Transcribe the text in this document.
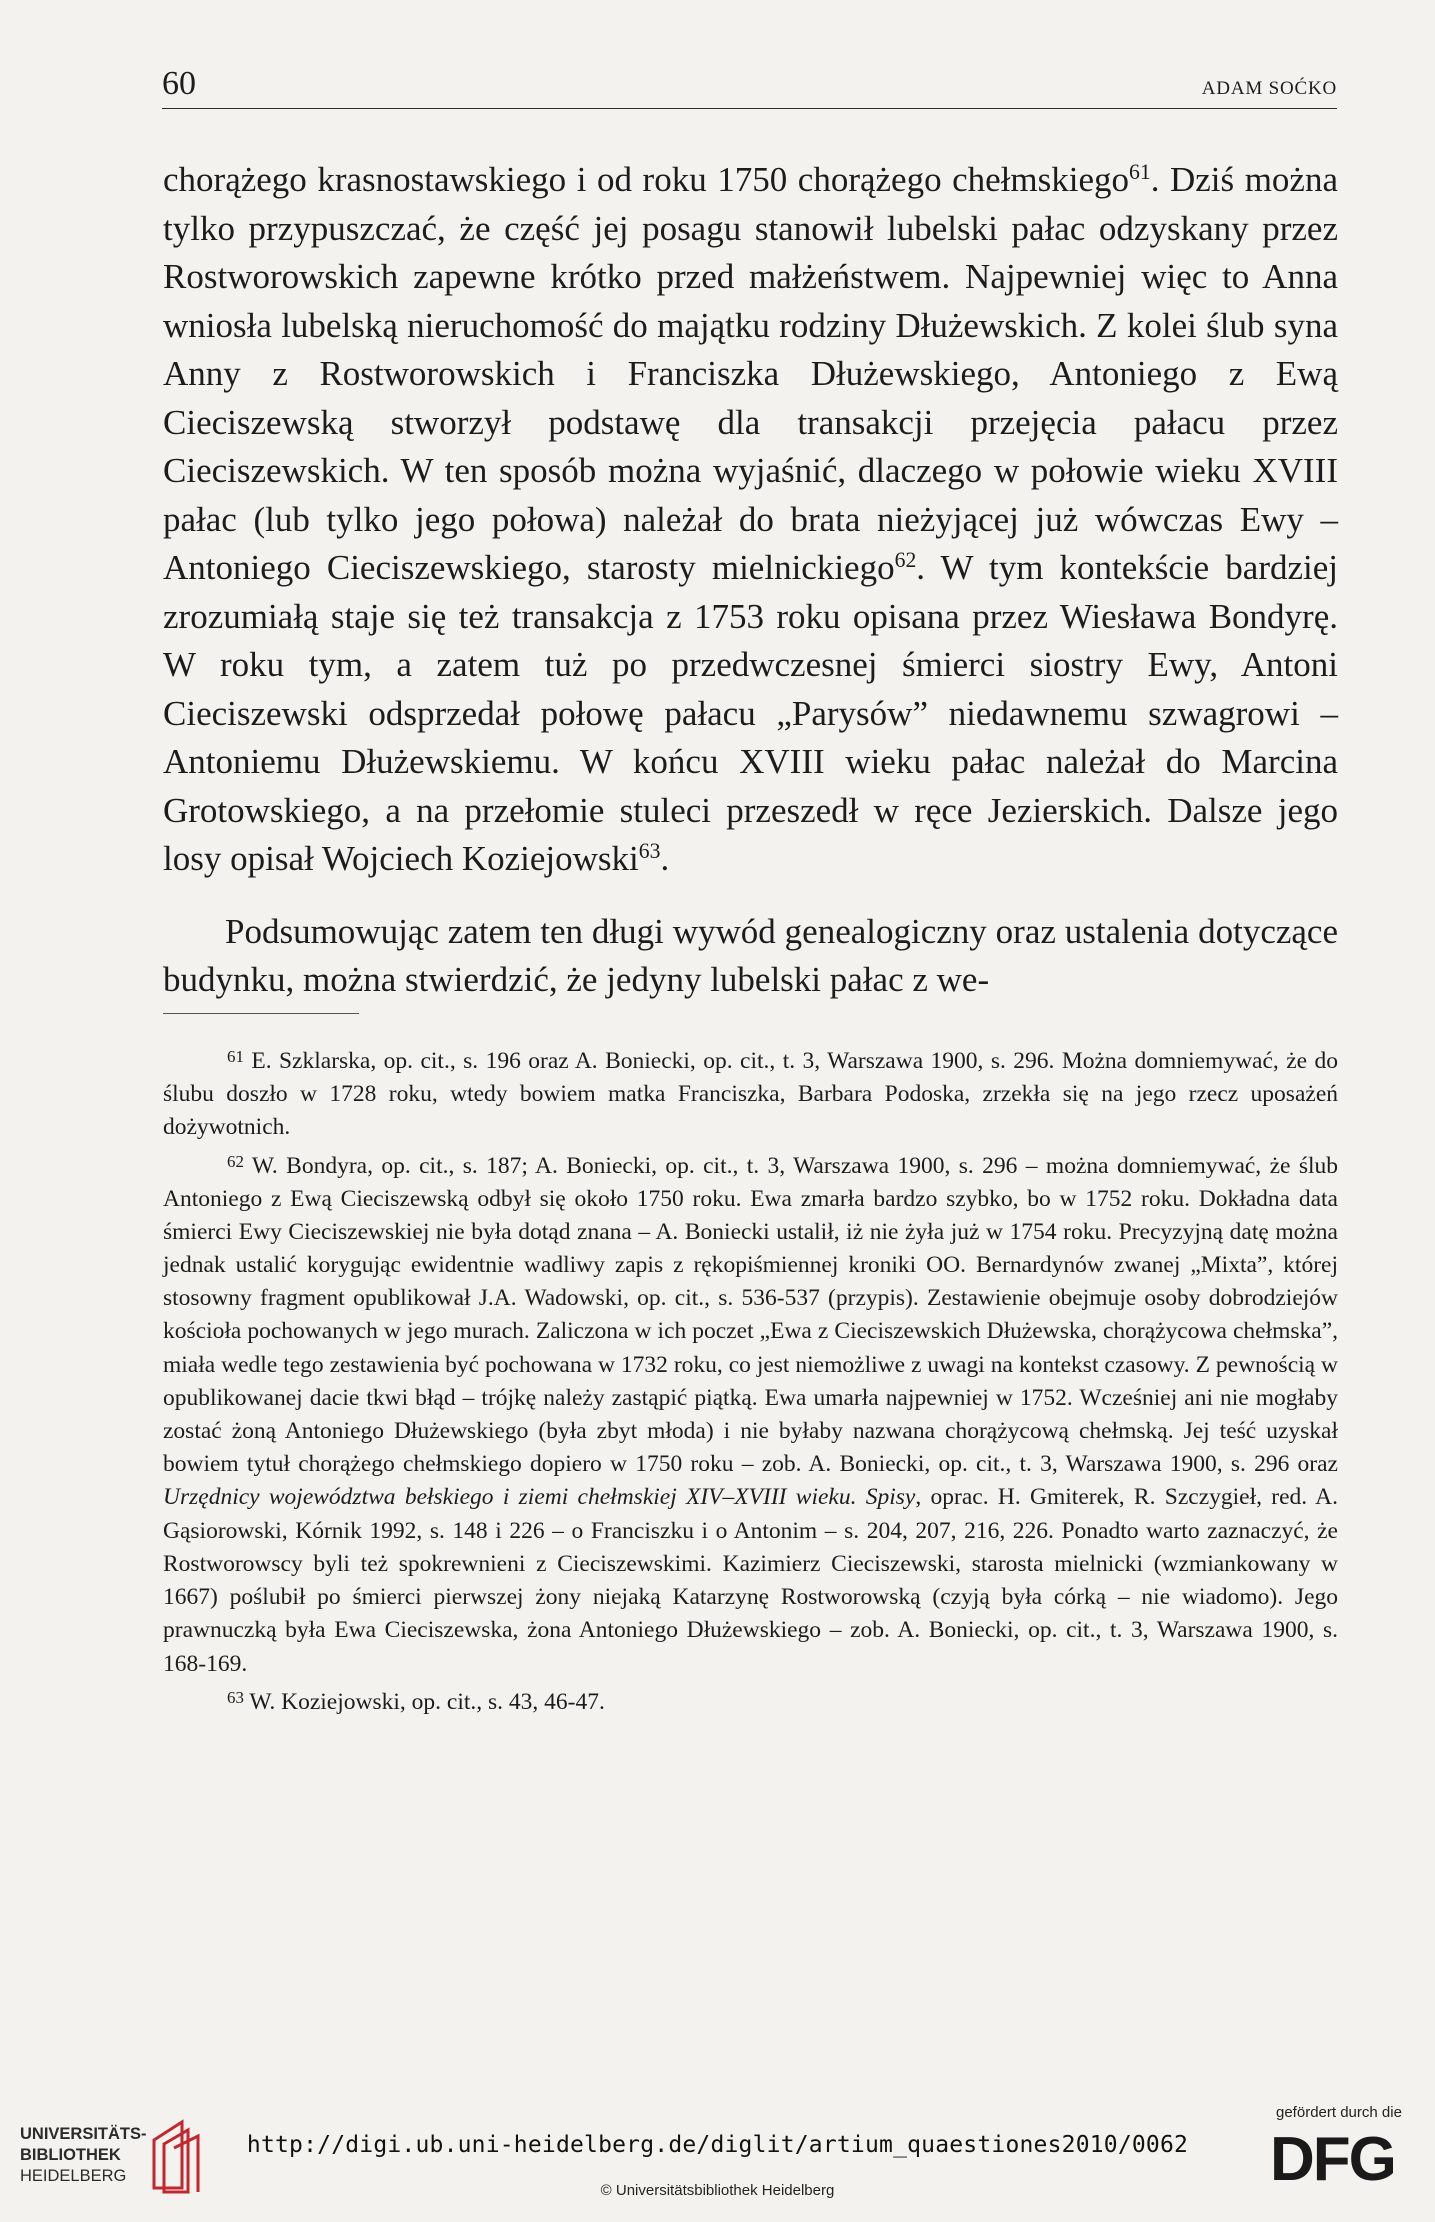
60	ADAM SOĆKO

chorążego krasnostawskiego i od roku 1750 chorążego chełmskiego$^{61}$. Dziś można tylko przypuszczać, że część jej posagu stanowił lubelski pałac odzyskany przez Rostworowskich zapewne krótko przed małżeństwem. Najpewniej więc to Anna wniosła lubelską nieruchomość do majątku rodziny Dłużewskich. Z kolei ślub syna Anny z Rostworowskich i Franciszka Dłużewskiego, Antoniego z Ewą Cieciszewską stworzył podstawę dla transakcji przejęcia pałacu przez Cieciszewskich. W ten sposób można wyjaśnić, dlaczego w połowie wieku XVIII pałac (lub tylko jego połowa) należał do brata nieżyjącej już wówczas Ewy – Antoniego Cieciszewskiego, starosty mielnickiego$^{62}$. W tym kontekście bardziej zrozumiałą staje się też transakcja z 1753 roku opisana przez Wiesława Bondyrę. W roku tym, a zatem tuż po przedwczesnej śmierci siostry Ewy, Antoni Cieciszewski odsprzedał połowę pałacu „Parysów” niedawnemu szwagrowi – Antoniemu Dłużewskiemu. W końcu XVIII wieku pałac należał do Marcina Grotowskiego, a na przełomie stuleci przeszedł w ręce Jezierskich. Dalsze jego losy opisał Wojciech Koziejowski$^{63}$.

Podsumowując zatem ten długi wywód genealogiczny oraz ustalenia dotyczące budynku, można stwierdzić, że jedyny lubelski pałac z we-

$^{61}$ E. Szklarska, op. cit., s. 196 oraz A. Boniecki, op. cit., t. 3, Warszawa 1900, s. 296. Można domniemywać, że do ślubu doszło w 1728 roku, wtedy bowiem matka Franciszka, Barbara Podoska, zrzekła się na jego rzecz uposażeń dożywotnich.

$^{62}$ W. Bondyra, op. cit., s. 187; A. Boniecki, op. cit., t. 3, Warszawa 1900, s. 296 – można domniemywać, że ślub Antoniego z Ewą Cieciszewską odbył się około 1750 roku. Ewa zmarła bardzo szybko, bo w 1752 roku. Dokładna data śmierci Ewy Cieciszewskiej nie była dotąd znana – A. Boniecki ustalił, iż nie żyła już w 1754 roku. Precyzyjną datę można jednak ustalić korygując ewidentnie wadliwy zapis z rękopiśmiennej kroniki OO. Bernardynów zwanej „Mixta”, której stosowny fragment opublikował J.A. Wadowski, op. cit., s. 536-537 (przypis). Zestawienie obejmuje osoby dobrodziejów kościoła pochowanych w jego murach. Zaliczona w ich poczet „Ewa z Cieciszewskich Dłużewska, chorążycowa chełmska”, miała wedle tego zestawienia być pochowana w 1732 roku, co jest niemożliwe z uwagi na kontekst czasowy. Z pewnością w opublikowanej dacie tkwi błąd – trójkę należy zastąpić piątką. Ewa umarła najpewniej w 1752. Wcześniej ani nie mogłaby zostać żoną Antoniego Dłużewskiego (była zbyt młoda) i nie byłaby nazwana chorążycową chełmską. Jej teść uzyskał bowiem tytuł chorążego chełmskiego dopiero w 1750 roku – zob. A. Boniecki, op. cit., t. 3, Warszawa 1900, s. 296 oraz Urzędnicy województwa bełskiego i ziemi chełmskiej XIV–XVIII wieku. Spisy, oprac. H. Gmiterek, R. Szczygieł, red. A. Gąsiorowski, Kórnik 1992, s. 148 i 226 – o Franciszku i o Antonim – s. 204, 207, 216, 226. Ponadto warto zaznaczyć, że Rostworowscy byli też spokrewnieni z Cieciszewskimi. Kazimierz Cieciszewski, starosta mielnicki (wzmiankowany w 1667) poślubił po śmierci pierwszej żony niejaką Katarzynę Rostworowską (czyją była córką – nie wiadomo). Jego prawnuczką była Ewa Cieciszewska, żona Antoniego Dłużewskiego – zob. A. Boniecki, op. cit., t. 3, Warszawa 1900, s. 168-169.

$^{63}$ W. Koziejowski, op. cit., s. 43, 46-47.

UNIVERSITÄTS-
BIBLIOTHEK
HEIDELBERG
http://digi.ub.uni-heidelberg.de/diglit/artium_quaestiones2010/0062
© Universitätsbibliothek Heidelberg
gefördert durch die
DFG
